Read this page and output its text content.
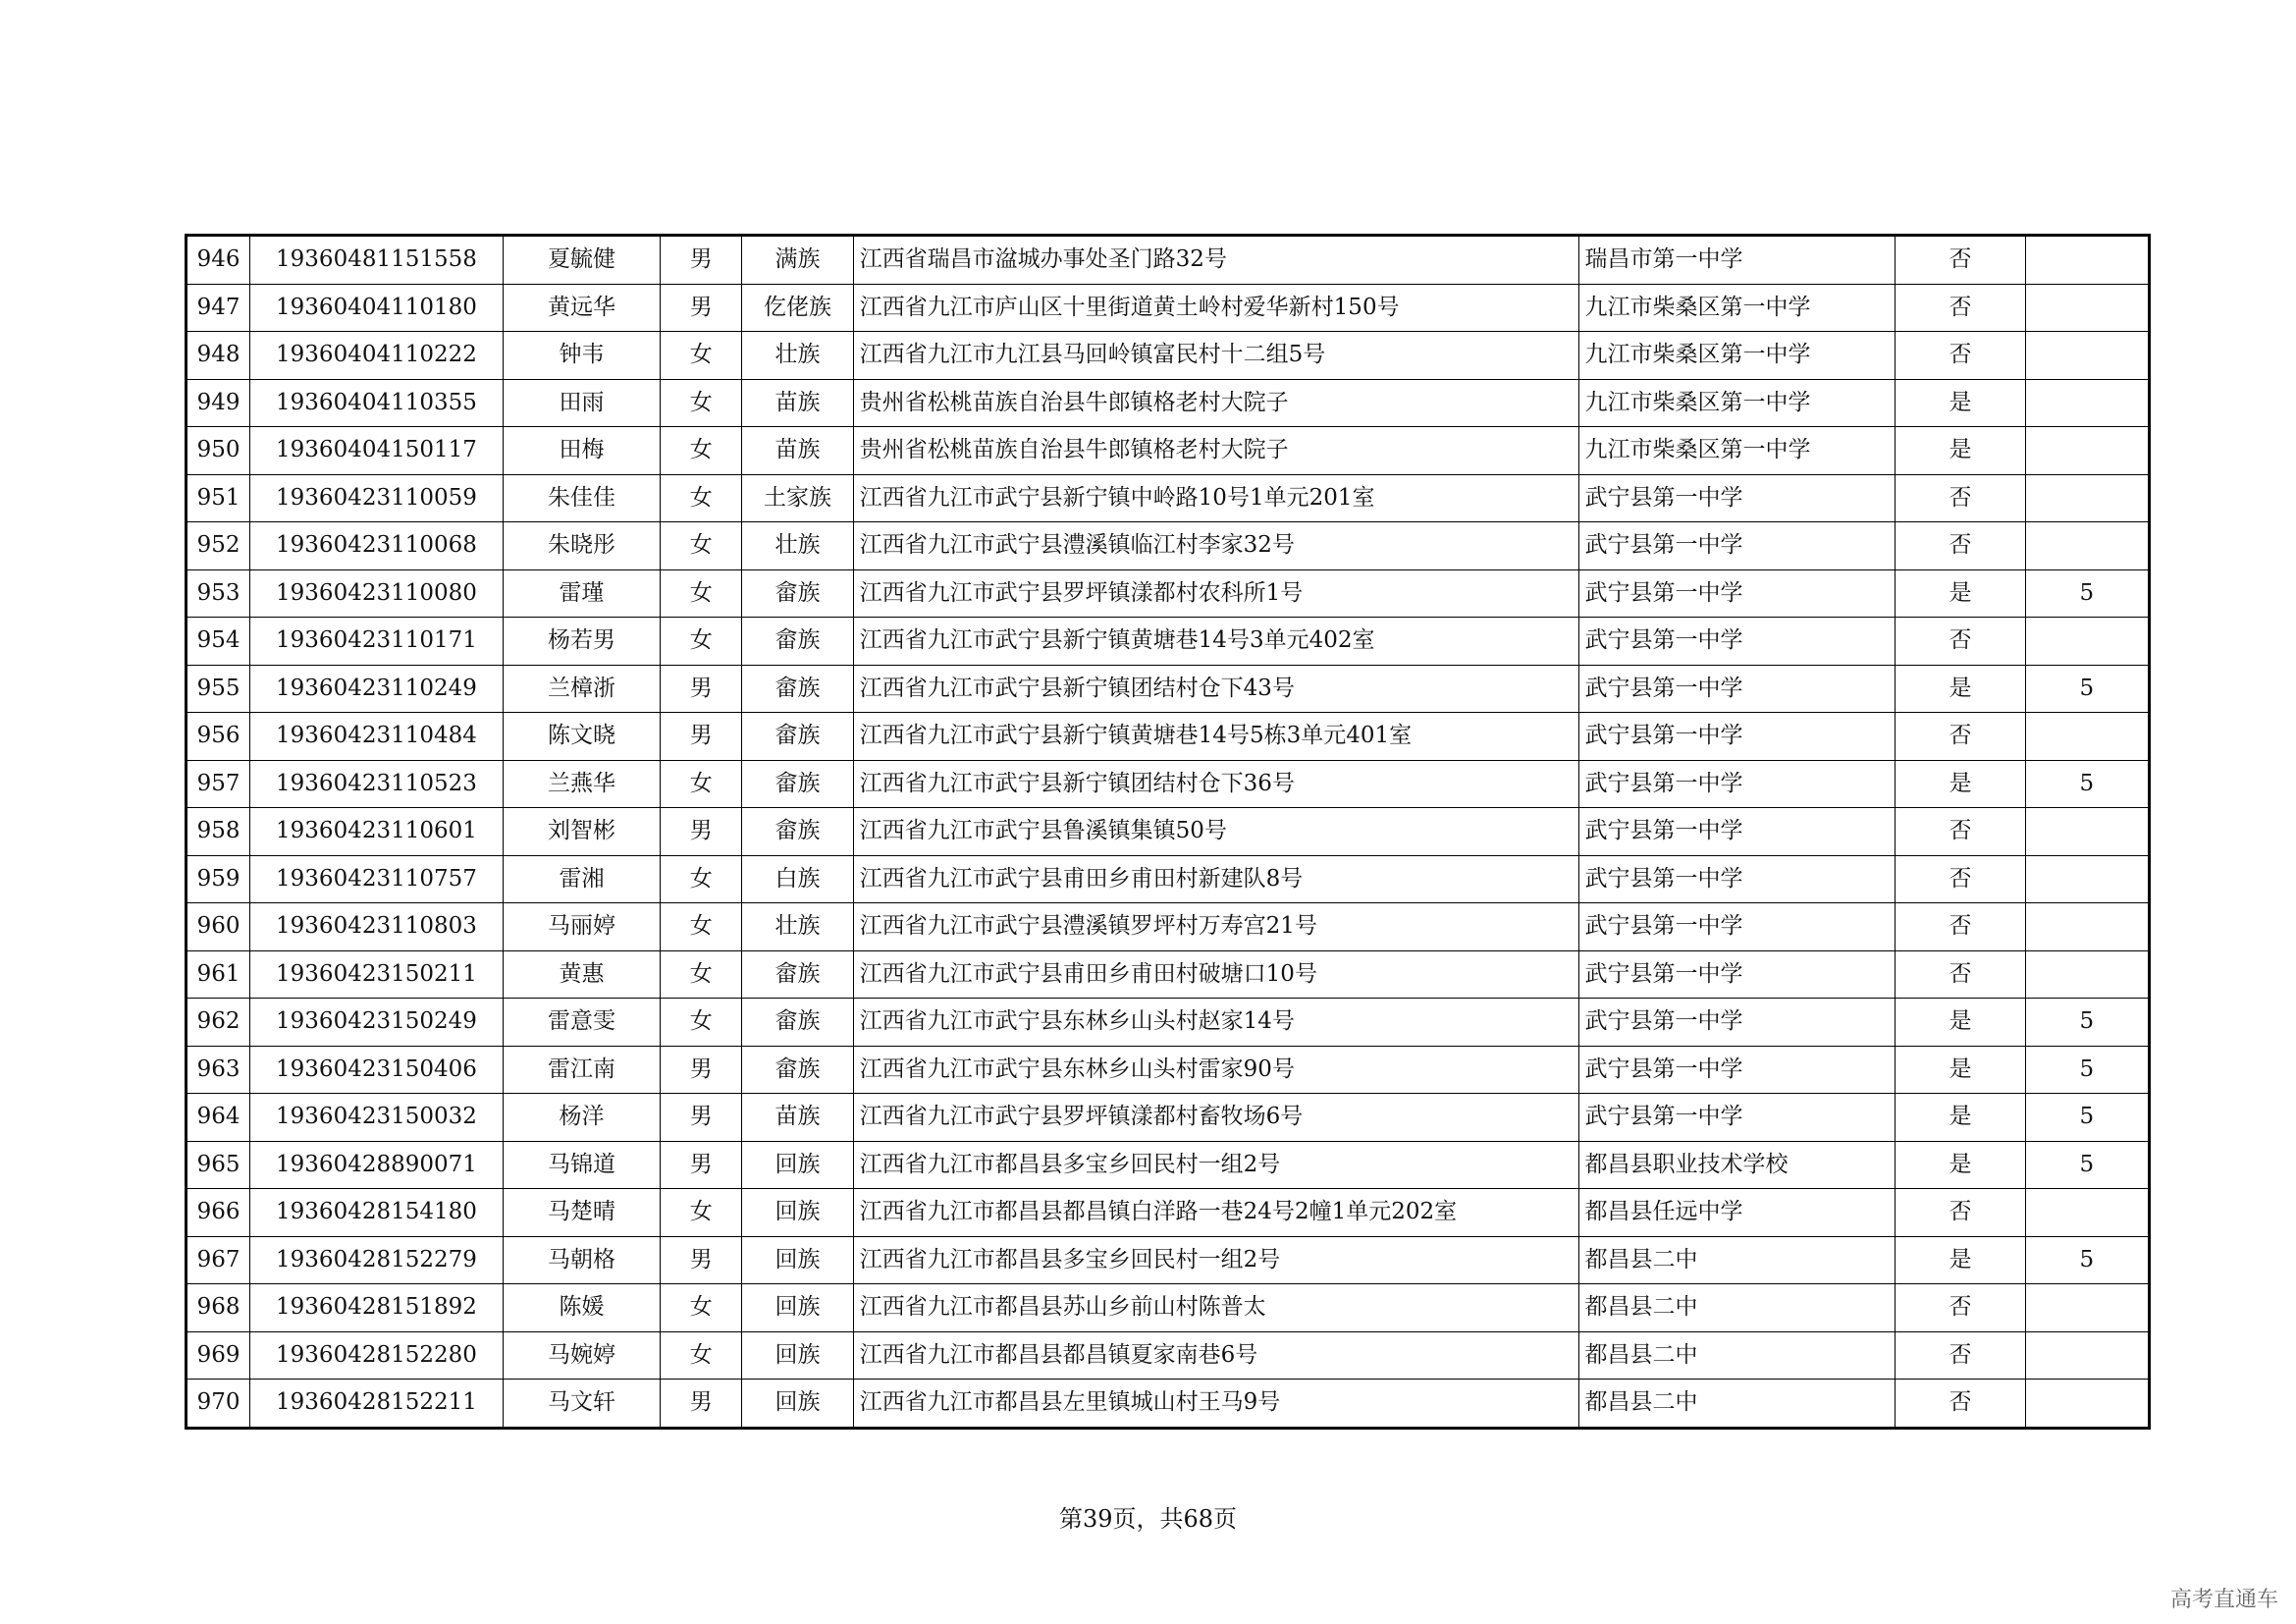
946	19360481151558	夏毓健	男	满族	江西省瑞昌市湓城办事处圣门路32号	瑞昌市第一中学	否	
947	19360404110180	黄远华	男	仡佬族	江西省九江市庐山区十里街道黄土岭村爱华新村150号	九江市柴桑区第一中学	否	
948	19360404110222	钟韦	女	壮族	江西省九江市九江县马回岭镇富民村十二组5号	九江市柴桑区第一中学	否	
949	19360404110355	田雨	女	苗族	贵州省松桃苗族自治县牛郎镇格老村大院子	九江市柴桑区第一中学	是	
950	19360404150117	田梅	女	苗族	贵州省松桃苗族自治县牛郎镇格老村大院子	九江市柴桑区第一中学	是	
951	19360423110059	朱佳佳	女	土家族	江西省九江市武宁县新宁镇中岭路10号1单元201室	武宁县第一中学	否	
952	19360423110068	朱晓彤	女	壮族	江西省九江市武宁县澧溪镇临江村李家32号	武宁县第一中学	否	
953	19360423110080	雷瑾	女	畲族	江西省九江市武宁县罗坪镇漾都村农科所1号	武宁县第一中学	是	5
954	19360423110171	杨若男	女	畲族	江西省九江市武宁县新宁镇黄塘巷14号3单元402室	武宁县第一中学	否	
955	19360423110249	兰樟浙	男	畲族	江西省九江市武宁县新宁镇团结村仓下43号	武宁县第一中学	是	5
956	19360423110484	陈文晓	男	畲族	江西省九江市武宁县新宁镇黄塘巷14号5栋3单元401室	武宁县第一中学	否	
957	19360423110523	兰燕华	女	畲族	江西省九江市武宁县新宁镇团结村仓下36号	武宁县第一中学	是	5
958	19360423110601	刘智彬	男	畲族	江西省九江市武宁县鲁溪镇集镇50号	武宁县第一中学	否	
959	19360423110757	雷湘	女	白族	江西省九江市武宁县甫田乡甫田村新建队8号	武宁县第一中学	否	
960	19360423110803	马丽婷	女	壮族	江西省九江市武宁县澧溪镇罗坪村万寿宫21号	武宁县第一中学	否	
961	19360423150211	黄惠	女	畲族	江西省九江市武宁县甫田乡甫田村破塘口10号	武宁县第一中学	否	
962	19360423150249	雷意雯	女	畲族	江西省九江市武宁县东林乡山头村赵家14号	武宁县第一中学	是	5
963	19360423150406	雷江南	男	畲族	江西省九江市武宁县东林乡山头村雷家90号	武宁县第一中学	是	5
964	19360423150032	杨洋	男	苗族	江西省九江市武宁县罗坪镇漾都村畜牧场6号	武宁县第一中学	是	5
965	19360428890071	马锦道	男	回族	江西省九江市都昌县多宝乡回民村一组2号	都昌县职业技术学校	是	5
966	19360428154180	马楚晴	女	回族	江西省九江市都昌县都昌镇白洋路一巷24号2幢1单元202室	都昌县任远中学	否	
967	19360428152279	马朝格	男	回族	江西省九江市都昌县多宝乡回民村一组2号	都昌县二中	是	5
968	19360428151892	陈媛	女	回族	江西省九江市都昌县苏山乡前山村陈普太	都昌县二中	否	
969	19360428152280	马婉婷	女	回族	江西省九江市都昌县都昌镇夏家南巷6号	都昌县二中	否	
970	19360428152211	马文轩	男	回族	江西省九江市都昌县左里镇城山村王马9号	都昌县二中	否	
第39页，共68页
高考直通车
